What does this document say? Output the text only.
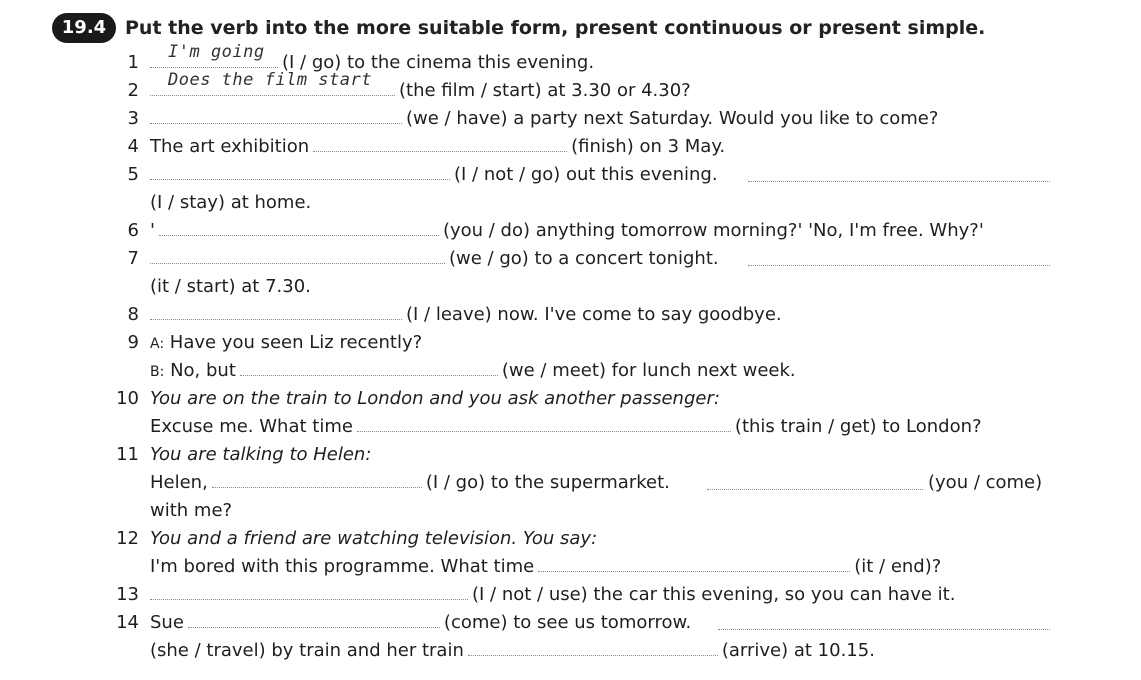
19.4 Put the verb into the more suitable form, present continuous or present simple.
1 I'm going (I / go) to the cinema this evening.
2 Does the film start (the film / start) at 3.30 or 4.30?
3	(we / have) a party next Saturday. Would you like to come?
4 The art exhibition	(finish) on 3 May.
5	(I / not / go) out this evening.
(I / stay) at home.
6 '	(you / do) anything tomorrow morning?' 'No, I'm free. Why?'
7	(we / go) to a concert tonight.
(it / start) at 7.30.
8	(I / leave) now. I've come to say goodbye.
9 A: Have you seen Liz recently?
B: No, but	(we / meet) for lunch next week.
10 You are on the train to London and you ask another passenger:
Excuse me. What time	(this train / get) to London?
11 You are talking to Helen:
Helen,	(I / go) to the supermarket.	(you / come)
with me?
12 You and a friend are watching television. You say:
I'm bored with this programme. What time	(it / end)?
13	(I / not / use) the car this evening, so you can have it.
14 Sue	(come) to see us tomorrow.
(she / travel) by train and her train	(arrive) at 10.15.
